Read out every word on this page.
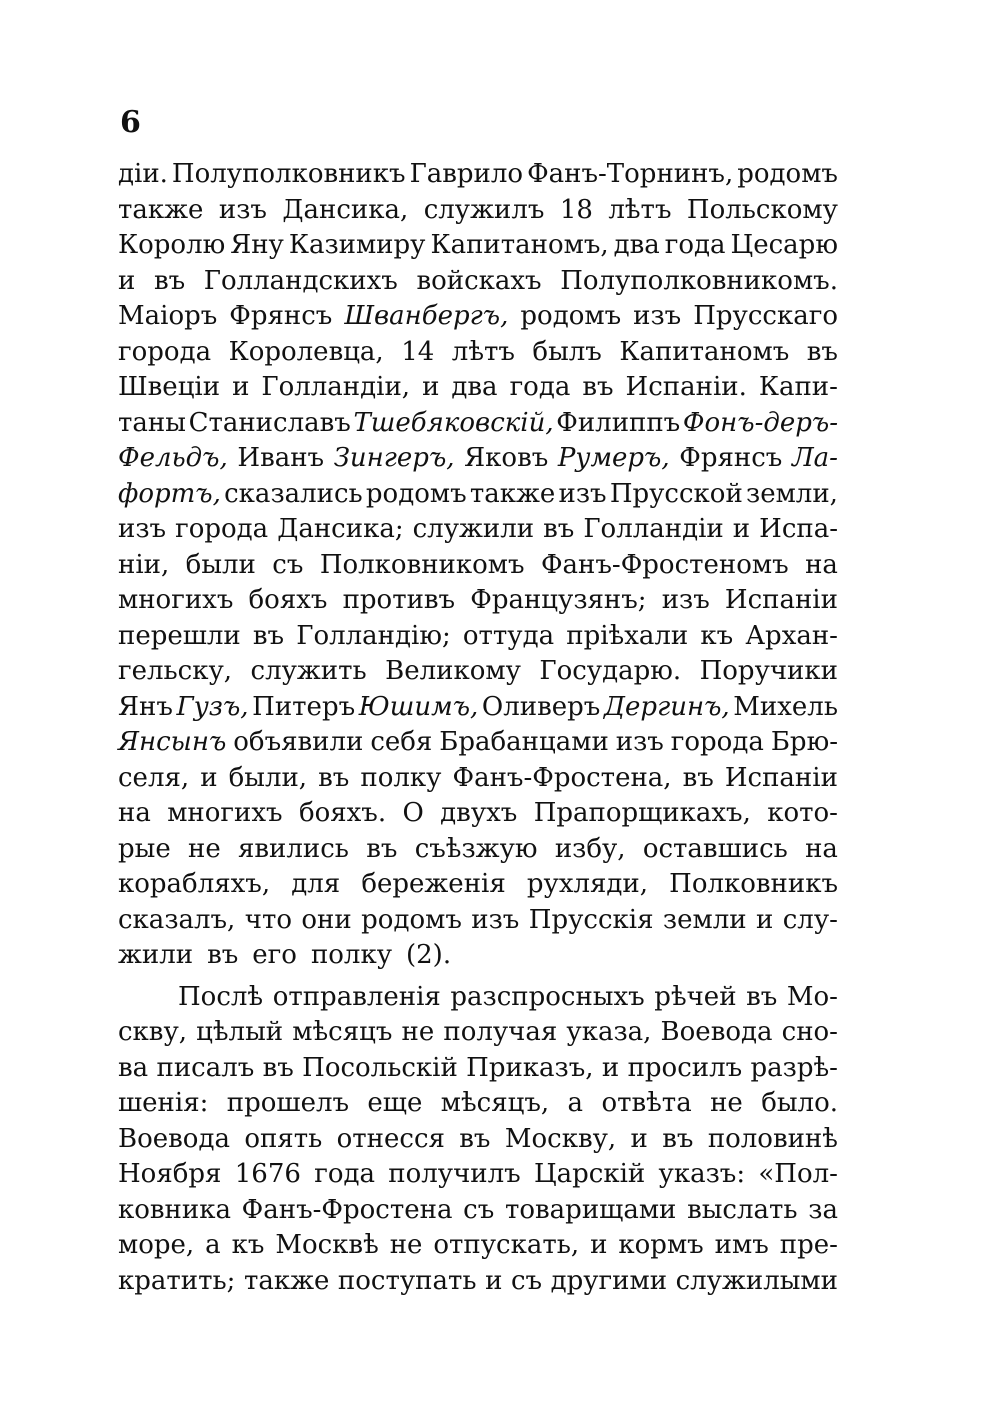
6
діи. Полуполковникъ Гаврило Фанъ-Торнинъ, родомъ
также изъ Дансика, служилъ 18 лѣтъ Польскому
Королю Яну Казимиру Капитаномъ, два года Цесарю
и въ Голландскихъ войскахъ Полуполковникомъ.
Маіоръ Фрянсъ Шванбергъ, родомъ изъ Прусскаго
города Королевца, 14 лѣтъ былъ Капитаномъ въ
Швеціи и Голландіи, и два года въ Испаніи. Капи-
таны Станиславъ Тшебяковскій, Филиппъ Фонъ-деръ-
Фельдъ, Иванъ Зингеръ, Яковъ Румеръ, Фрянсъ Ла-
фортъ, сказались родомъ также изъ Прусской земли,
изъ города Дансика; служили въ Голландіи и Испа-
ніи, были съ Полковникомъ Фанъ-Фростеномъ на
многихъ бояхъ противъ Французянъ; изъ Испаніи
перешли въ Голландію; оттуда пріѣхали къ Архан-
гельску, служить Великому Государю. Поручики
Янъ Гузъ, Питеръ Юшимъ, Оливеръ Дергинъ, Михель
Янсынъ объявили себя Брабанцами изъ города Брю-
селя, и были, въ полку Фанъ-Фростена, въ Испаніи
на многихъ бояхъ. О двухъ Прапорщикахъ, кото-
рые не явились въ съѣзжую избу, оставшись на
корабляхъ, для береженія рухляди, Полковникъ
сказалъ, что они родомъ изъ Прусскія земли и слу-
жили въ его полку (2).
Послѣ отправленія разспросныхъ рѣчей въ Мо-
скву, цѣлый мѣсяцъ не получая указа, Воевода сно-
ва писалъ въ Посольскій Приказъ, и просилъ разрѣ-
шенія: прошелъ еще мѣсяцъ, а отвѣта не было.
Воевода опять отнесся въ Москву, и въ половинѣ
Ноября 1676 года получилъ Царскій указъ: «Пол-
ковника Фанъ-Фростена съ товарищами выслать за
море, а къ Москвѣ не отпускать, и кормъ имъ пре-
кратить; также поступать и съ другими служилыми
